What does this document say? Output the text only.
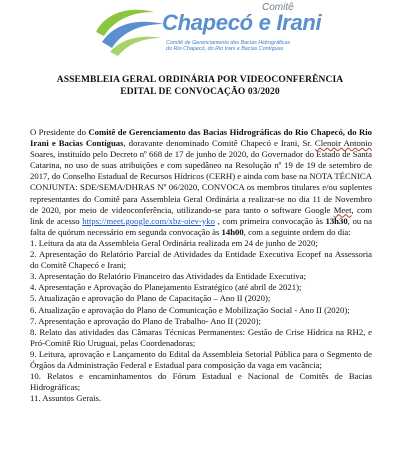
Comitê
Chapecó e Irani
Comitê de Gerenciamento das Bacias Hidrográficas
do Rio Chapecó, do Rio Irani e Bacias Contíguas
ASSEMBLEIA GERAL ORDINÁRIA POR VIDEOCONFERÊNCIA
EDITAL DE CONVOCAÇÃO 03/2020

O Presidente do Comitê de Gerenciamento das Bacias Hidrográficas do Rio Chapecó, do Rio Irani e Bacias Contíguas, doravante denominado Comitê Chapecó e Irani, Sr. Clenoir Antonio Soares, instituído pelo Decreto nº 668 de 17 de junho de 2020, do Governador do Estado de Santa Catarina, no uso de suas atribuições e com supedâneo na Resolução nº 19 de 19 de setembro de 2017, do Conselho Estadual de Recursos Hídricos (CERH) e ainda com base na NOTA TÉCNICA CONJUNTA: SDE/SEMA/DHRAS Nº 06/2020, CONVOCA os membros titulares e/ou suplentes representantes do Comitê para Assembleia Geral Ordinária a realizar-se no dia 11 de Novembro de 2020, por meio de videoconferência, utilizando-se para tanto o software Google Meet, com link de acesso https://meet.google.com/xbz-oiev-yko , com primeira convocação às 13h30, ou na falta de quórum necessário em segunda convocação às 14h00, com a seguinte ordem do dia:

1. Leitura da ata da Assembleia Geral Ordinária realizada em 24 de junho de 2020;
2. Apresentação do Relatório Parcial de Atividades da Entidade Executiva Ecopef na Assessoria do Comitê Chapecó e Irani;
3. Apresentação do Relatório Financeiro das Atividades da Entidade Executiva;
4. Apresentação e Aprovação do Planejamento Estratégico (até abril de 2021);
5. Atualização e aprovação do Plano de Capacitação – Ano II (2020);
6. Atualização e aprovação do Plano de Comunicação e Mobilização Social - Ano II (2020);
7. Apresentação e aprovação do Plano de Trabalho- Ano II (2020);
8. Relato das atividades das Câmaras Técnicas Permanentes: Gestão de Crise Hídrica na RH2, e Pró-Comitê Rio Uruguai, pelas Coordenadoras;
9. Leitura, aprovação e Lançamento do Edital da Assembleia Setorial Pública para o Segmento de Órgãos da Administração Federal e Estadual para composição da vaga em vacância;
10. Relatos e encaminhamentos do Fórum Estadual e Nacional de Comitês de Bacias Hidrográficas;
11. Assuntos Gerais.
